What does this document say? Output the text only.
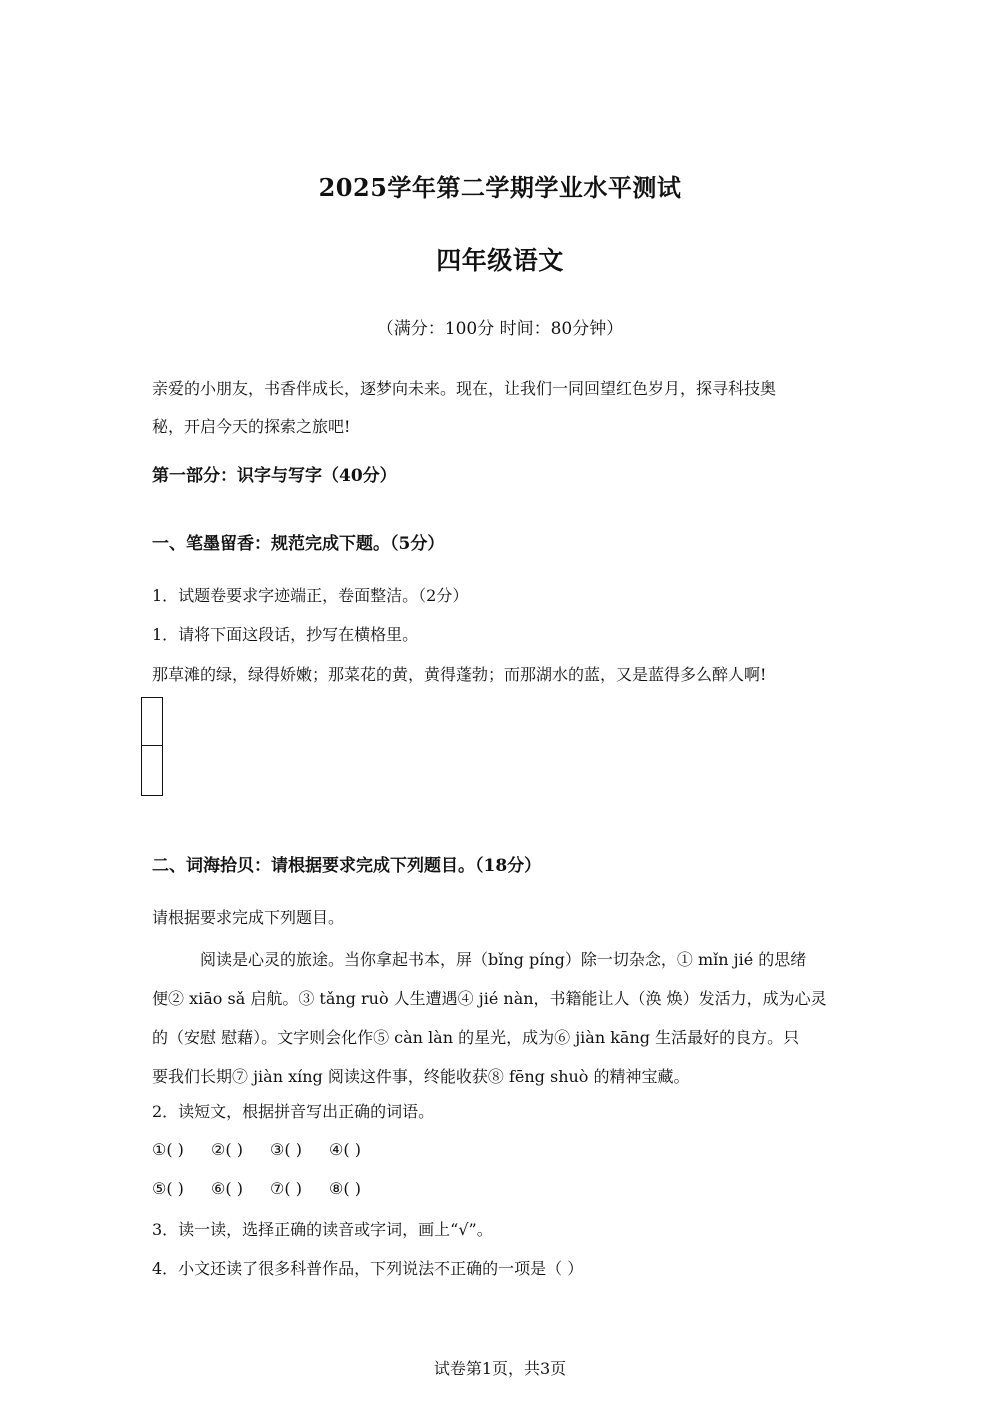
2025学年第二学期学业水平测试
四年级语文
（满分：100分 时间：80分钟）
亲爱的小朋友，书香伴成长，逐梦向未来。现在，让我们一同回望红色岁月，探寻科技奥
秘，开启今天的探索之旅吧!
第一部分：识字与写字（40分）
一、笔墨留香：规范完成下题。（5分）
1．试题卷要求字迹端正，卷面整洁。（2分）
1．请将下面这段话，抄写在横格里。
那草滩的绿，绿得娇嫩；那菜花的黄，黄得蓬勃；而那湖水的蓝，又是蓝得多么醉人啊!
二、词海拾贝：请根据要求完成下列题目。（18分）
请根据要求完成下列题目。
阅读是心灵的旅途。当你拿起书本，屏（bǐng píng）除一切杂念，① mǐn jié 的思绪
便② xiāo sǎ 启航。③ tǎng ruò 人生遭遇④ jié nàn，书籍能让人（涣 焕）发活力，成为心灵
的（安慰 慰藉）。文字则会化作⑤ càn làn 的星光，成为⑥ jiàn kāng 生活最好的良方。只
要我们长期⑦ jiàn xíng 阅读这件事，终能收获⑧ fēng shuò 的精神宝藏。
2．读短文，根据拼音写出正确的词语。
①( ) ②( ) ③( ) ④( )
⑤( ) ⑥( ) ⑦( ) ⑧( )
3．读一读，选择正确的读音或字词，画上“√”。
4．小文还读了很多科普作品，下列说法不正确的一项是（ ）
试卷第1页，共3页
